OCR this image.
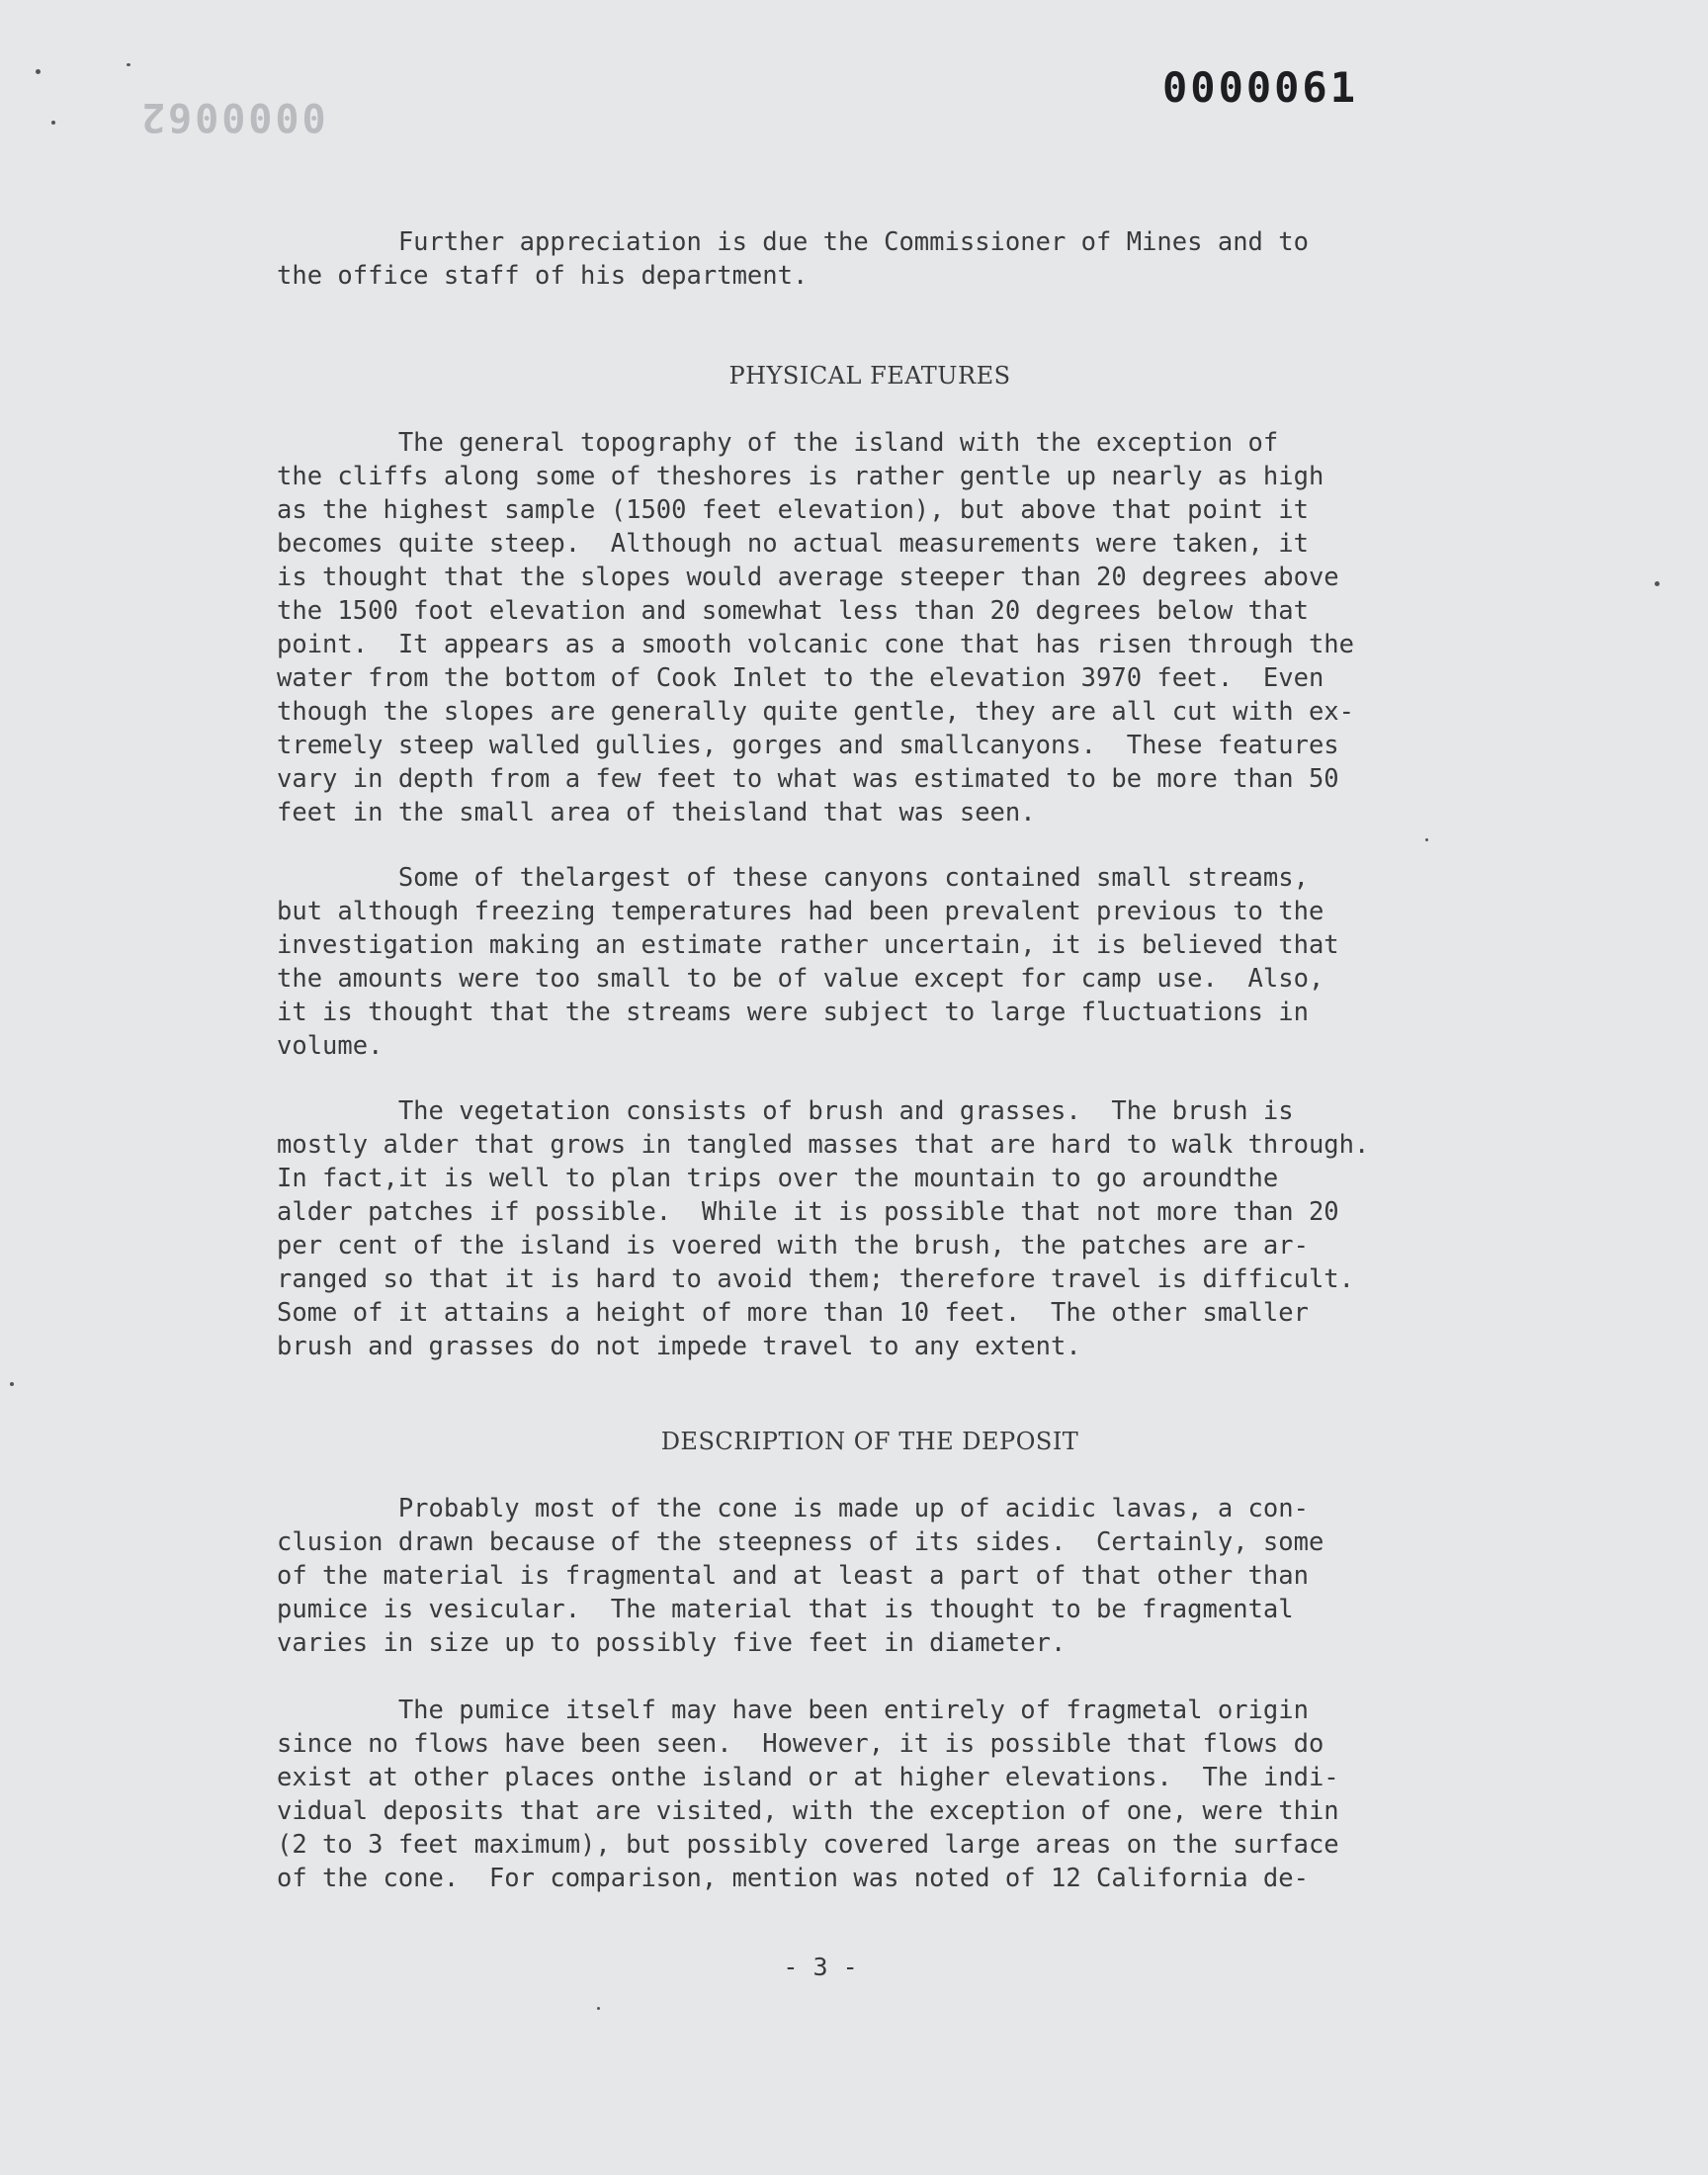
0000062
0000061
Further appreciation is due the Commissioner of Mines and to
the office staff of his department.
PHYSICAL FEATURES
The general topography of the island with the exception of
the cliffs along some of theshores is rather gentle up nearly as high
as the highest sample (1500 feet elevation), but above that point it
becomes quite steep.  Although no actual measurements were taken, it
is thought that the slopes would average steeper than 20 degrees above
the 1500 foot elevation and somewhat less than 20 degrees below that
point.  It appears as a smooth volcanic cone that has risen through the
water from the bottom of Cook Inlet to the elevation 3970 feet.  Even
though the slopes are generally quite gentle, they are all cut with ex-
tremely steep walled gullies, gorges and smallcanyons.  These features
vary in depth from a few feet to what was estimated to be more than 50
feet in the small area of theisland that was seen.
Some of thelargest of these canyons contained small streams,
but although freezing temperatures had been prevalent previous to the
investigation making an estimate rather uncertain, it is believed that
the amounts were too small to be of value except for camp use.  Also,
it is thought that the streams were subject to large fluctuations in
volume.
The vegetation consists of brush and grasses.  The brush is
mostly alder that grows in tangled masses that are hard to walk through.
In fact,it is well to plan trips over the mountain to go aroundthe
alder patches if possible.  While it is possible that not more than 20
per cent of the island is voered with the brush, the patches are ar-
ranged so that it is hard to avoid them; therefore travel is difficult.
Some of it attains a height of more than 10 feet.  The other smaller
brush and grasses do not impede travel to any extent.
DESCRIPTION OF THE DEPOSIT
Probably most of the cone is made up of acidic lavas, a con-
clusion drawn because of the steepness of its sides.  Certainly, some
of the material is fragmental and at least a part of that other than
pumice is vesicular.  The material that is thought to be fragmental
varies in size up to possibly five feet in diameter.
The pumice itself may have been entirely of fragmetal origin
since no flows have been seen.  However, it is possible that flows do
exist at other places onthe island or at higher elevations.  The indi-
vidual deposits that are visited, with the exception of one, were thin
(2 to 3 feet maximum), but possibly covered large areas on the surface
of the cone.  For comparison, mention was noted of 12 California de-
- 3 -
